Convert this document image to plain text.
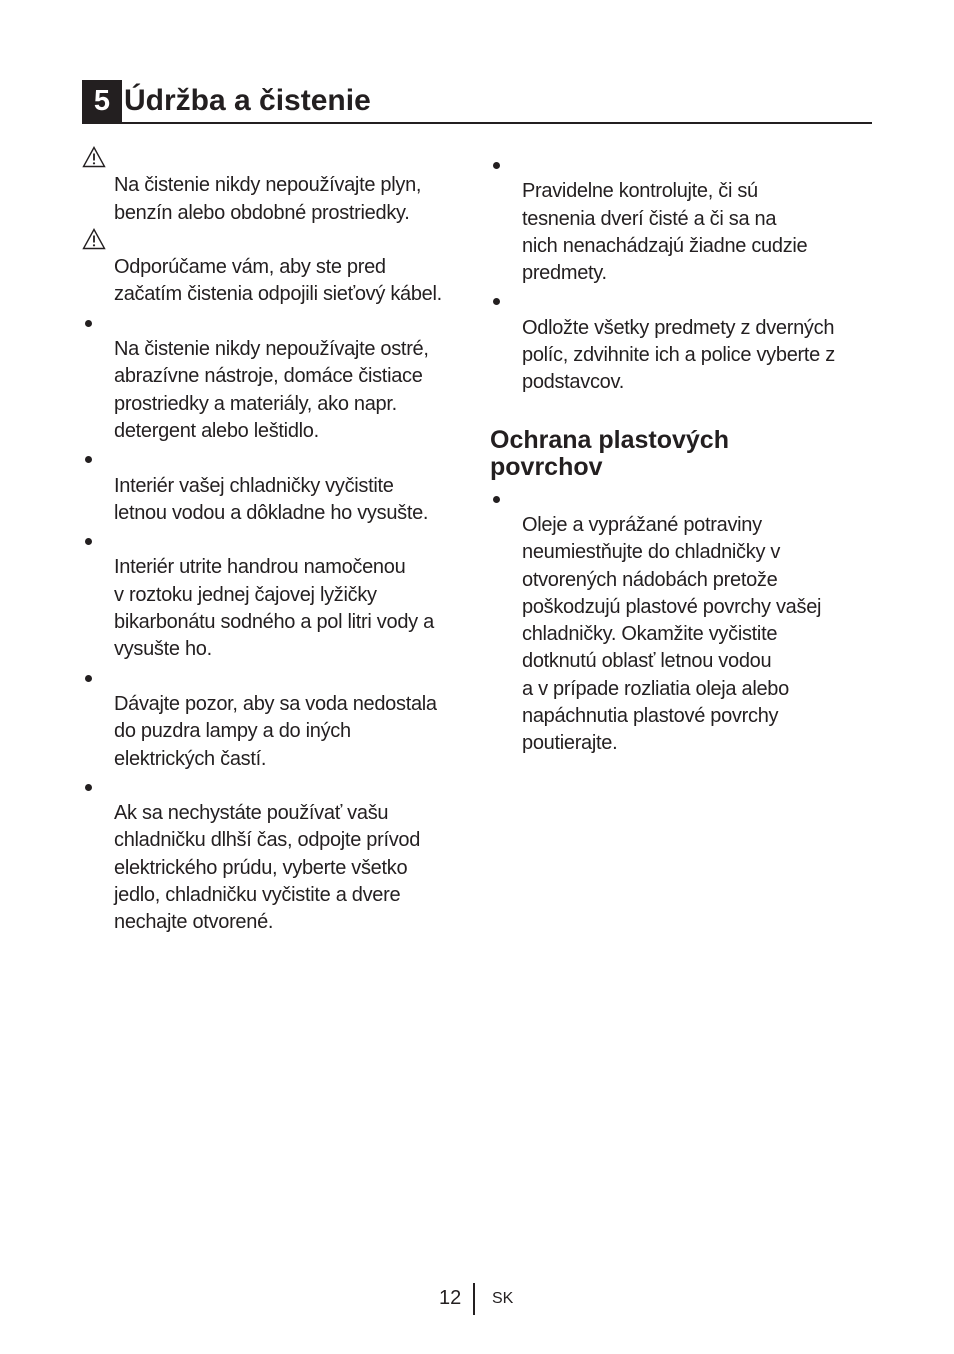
5 Údržba a čistenie

Na čistenie nikdy nepoužívajte plyn,
benzín alebo obdobné prostriedky.

Odporúčame vám, aby ste pred
začatím čistenia odpojili sieťový kábel.

Na čistenie nikdy nepoužívajte ostré,
abrazívne nástroje, domáce čistiace
prostriedky a materiály, ako napr.
detergent alebo leštidlo.

Interiér vašej chladničky vyčistite
letnou vodou a dôkladne ho vysušte.

Interiér utrite handrou namočenou
v roztoku jednej čajovej lyžičky
bikarbonátu sodného a pol litri vody a
vysušte ho.

Dávajte pozor, aby sa voda nedostala
do puzdra lampy a do iných
elektrických častí.

Ak sa nechystáte používať vašu
chladničku dlhší čas, odpojte prívod
elektrického prúdu, vyberte všetko
jedlo, chladničku vyčistite a dvere
nechajte otvorené.

Pravidelne kontrolujte, či sú
tesnenia dverí čisté a či sa na
nich nenachádzajú žiadne cudzie
predmety.

Odložte všetky predmety z dverných
políc, zdvihnite ich a police vyberte z
podstavcov.

Ochrana plastových
povrchov

Oleje a vyprážané potraviny
neumiestňujte do chladničky v
otvorených nádobách pretože
poškodzujú plastové povrchy vašej
chladničky. Okamžite vyčistite
dotknutú oblasť letnou vodou
a v prípade rozliatia oleja alebo
napáchnutia plastové povrchy
poutierajte.

12 SK
